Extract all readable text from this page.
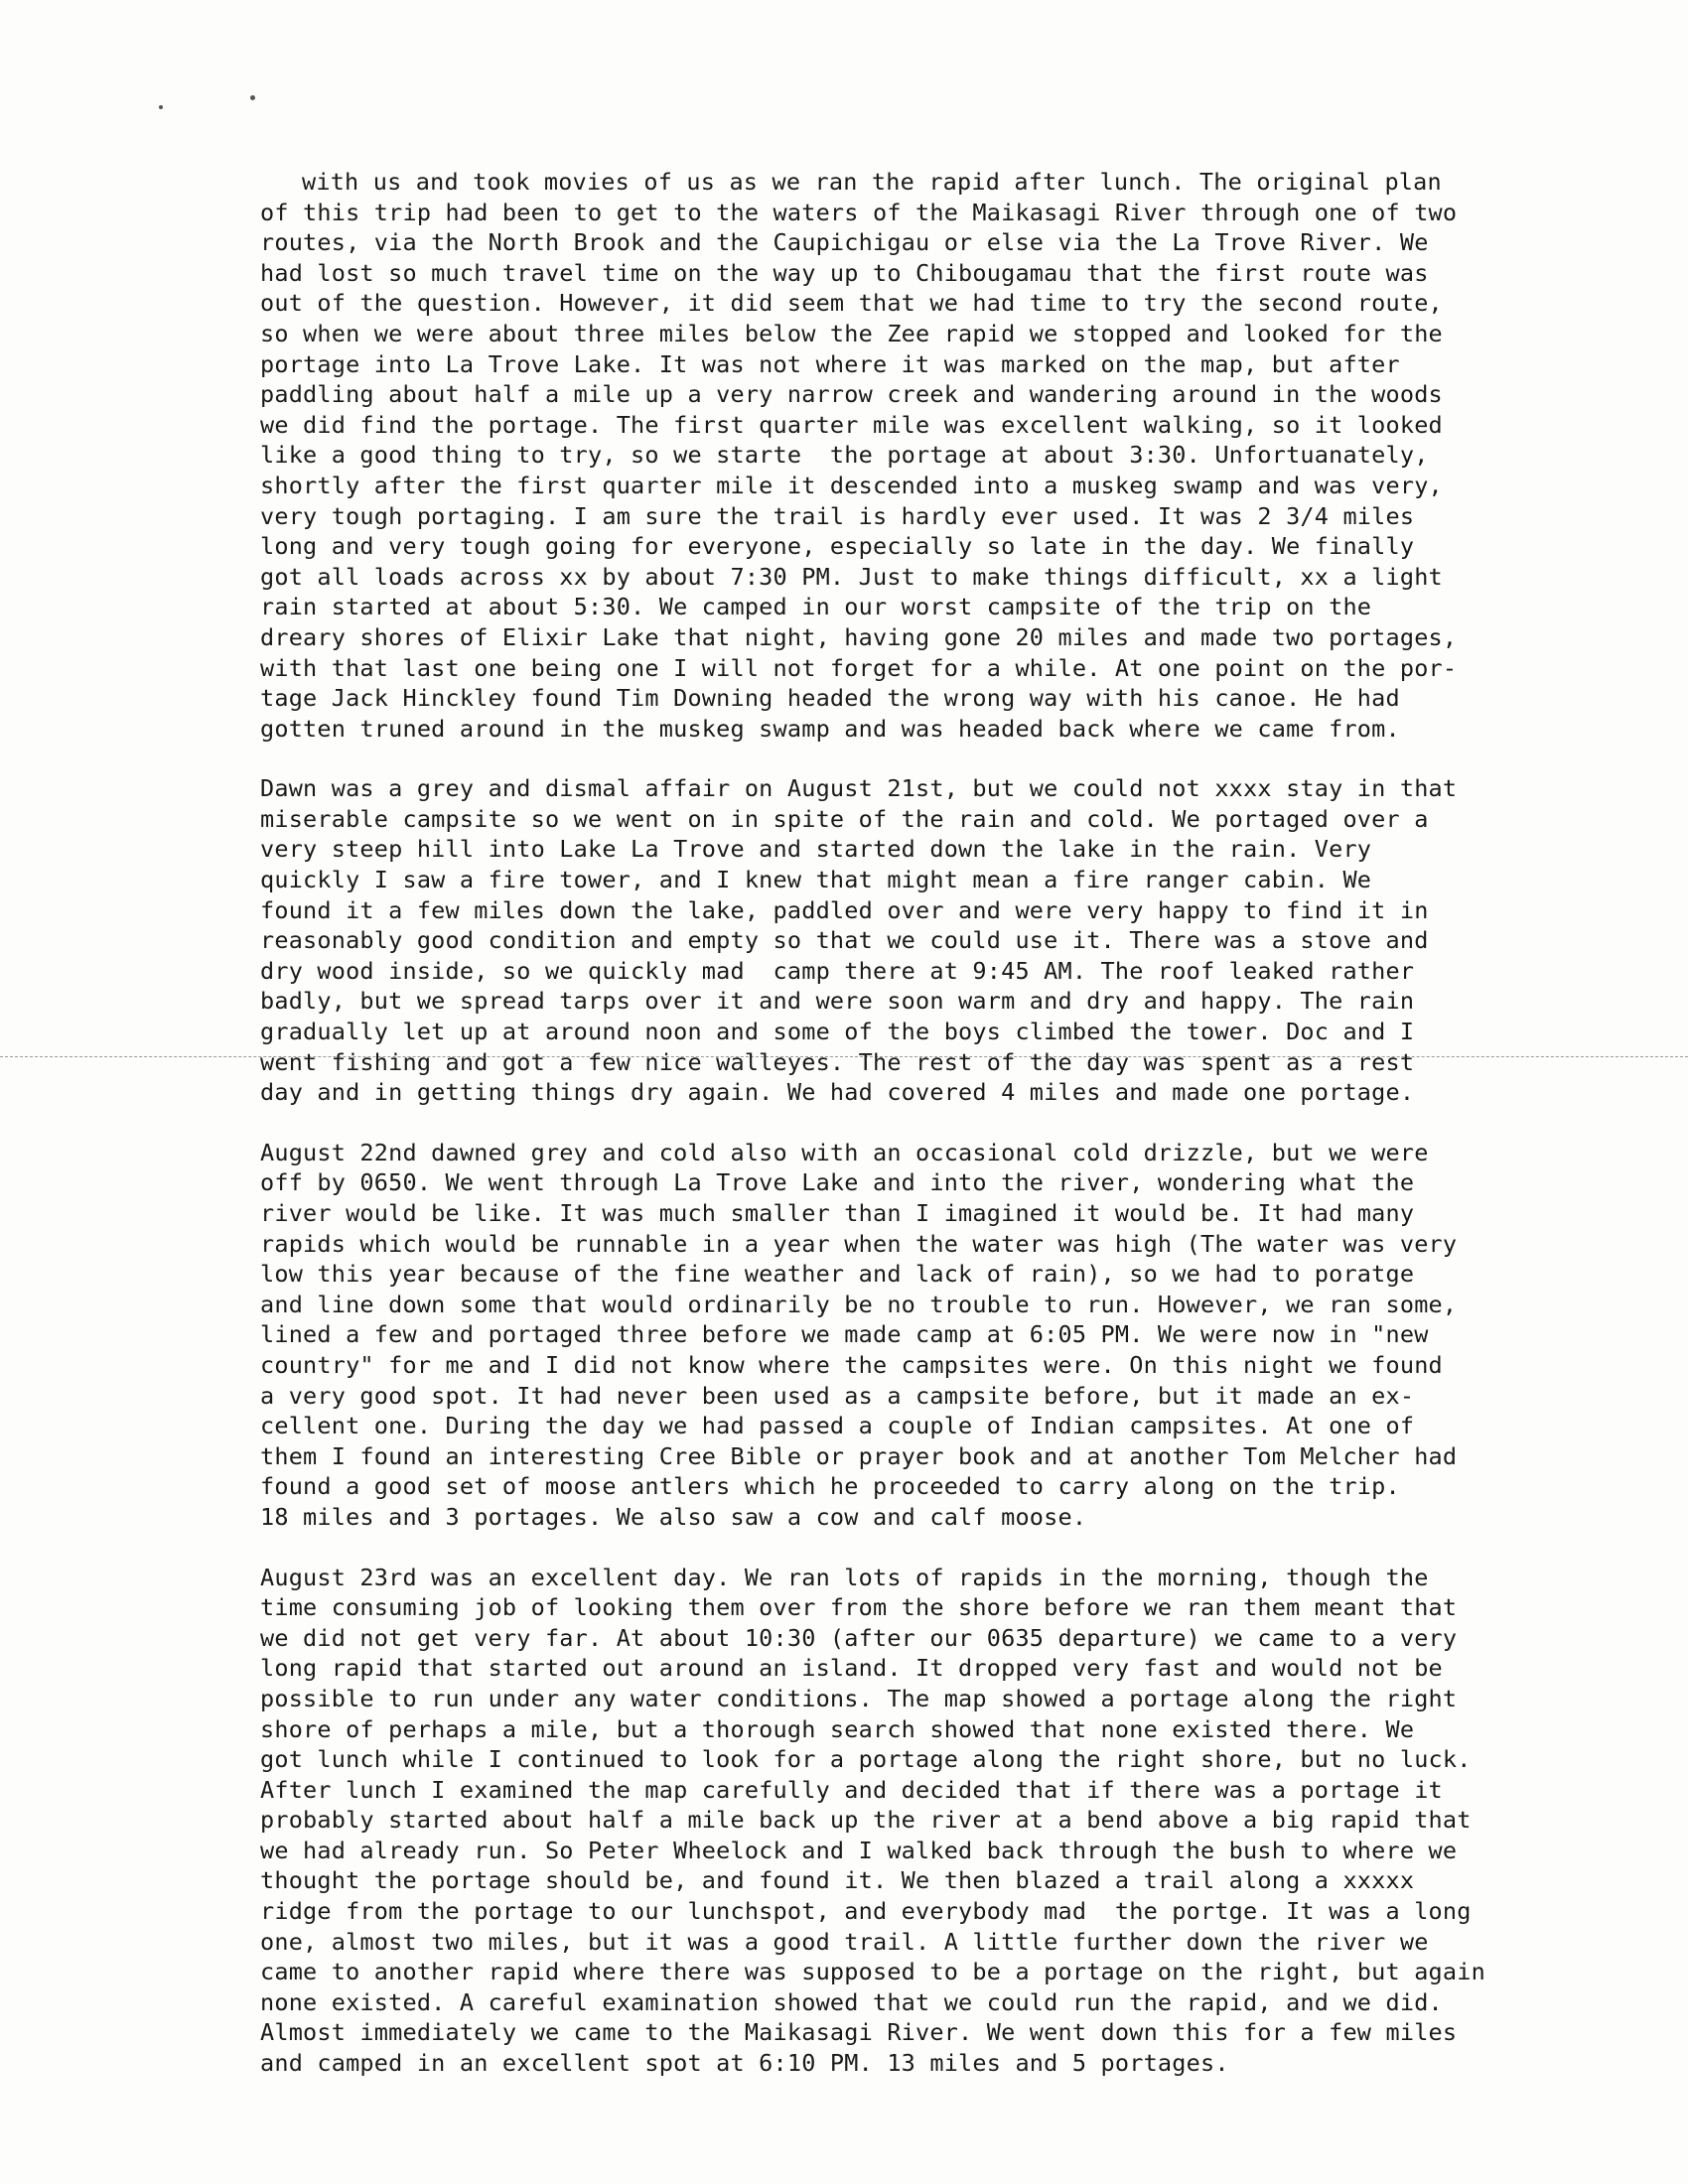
with us and took movies of us as we ran the rapid after lunch. The original plan
of this trip had been to get to the waters of the Maikasagi River through one of two
routes, via the North Brook and the Caupichigau or else via the La Trove River. We
had lost so much travel time on the way up to Chibougamau that the first route was
out of the question. However, it did seem that we had time to try the second route,
so when we were about three miles below the Zee rapid we stopped and looked for the
portage into La Trove Lake. It was not where it was marked on the map, but after
paddling about half a mile up a very narrow creek and wandering around in the woods
we did find the portage. The first quarter mile was excellent walking, so it looked
like a good thing to try, so we starte  the portage at about 3:30. Unfortuanately,
shortly after the first quarter mile it descended into a muskeg swamp and was very,
very tough portaging. I am sure the trail is hardly ever used. It was 2 3/4 miles
long and very tough going for everyone, especially so late in the day. We finally
got all loads across xx by about 7:30 PM. Just to make things difficult, xx a light
rain started at about 5:30. We camped in our worst campsite of the trip on the
dreary shores of Elixir Lake that night, having gone 20 miles and made two portages,
with that last one being one I will not forget for a while. At one point on the por-
tage Jack Hinckley found Tim Downing headed the wrong way with his canoe. He had
gotten truned around in the muskeg swamp and was headed back where we came from.
Dawn was a grey and dismal affair on August 21st, but we could not xxxx stay in that
miserable campsite so we went on in spite of the rain and cold. We portaged over a
very steep hill into Lake La Trove and started down the lake in the rain. Very
quickly I saw a fire tower, and I knew that might mean a fire ranger cabin. We
found it a few miles down the lake, paddled over and were very happy to find it in
reasonably good condition and empty so that we could use it. There was a stove and
dry wood inside, so we quickly mad  camp there at 9:45 AM. The roof leaked rather
badly, but we spread tarps over it and were soon warm and dry and happy. The rain
gradually let up at around noon and some of the boys climbed the tower. Doc and I
went fishing and got a few nice walleyes. The rest of the day was spent as a rest
day and in getting things dry again. We had covered 4 miles and made one portage.
August 22nd dawned grey and cold also with an occasional cold drizzle, but we were
off by 0650. We went through La Trove Lake and into the river, wondering what the
river would be like. It was much smaller than I imagined it would be. It had many
rapids which would be runnable in a year when the water was high (The water was very
low this year because of the fine weather and lack of rain), so we had to poratge
and line down some that would ordinarily be no trouble to run. However, we ran some,
lined a few and portaged three before we made camp at 6:05 PM. We were now in "new
country" for me and I did not know where the campsites were. On this night we found
a very good spot. It had never been used as a campsite before, but it made an ex-
cellent one. During the day we had passed a couple of Indian campsites. At one of
them I found an interesting Cree Bible or prayer book and at another Tom Melcher had
found a good set of moose antlers which he proceeded to carry along on the trip.
18 miles and 3 portages. We also saw a cow and calf moose.
August 23rd was an excellent day. We ran lots of rapids in the morning, though the
time consuming job of looking them over from the shore before we ran them meant that
we did not get very far. At about 10:30 (after our 0635 departure) we came to a very
long rapid that started out around an island. It dropped very fast and would not be
possible to run under any water conditions. The map showed a portage along the right
shore of perhaps a mile, but a thorough search showed that none existed there. We
got lunch while I continued to look for a portage along the right shore, but no luck.
After lunch I examined the map carefully and decided that if there was a portage it
probably started about half a mile back up the river at a bend above a big rapid that
we had already run. So Peter Wheelock and I walked back through the bush to where we
thought the portage should be, and found it. We then blazed a trail along a xxxxx
ridge from the portage to our lunchspot, and everybody mad  the portge. It was a long
one, almost two miles, but it was a good trail. A little further down the river we
came to another rapid where there was supposed to be a portage on the right, but again
none existed. A careful examination showed that we could run the rapid, and we did.
Almost immediately we came to the Maikasagi River. We went down this for a few miles
and camped in an excellent spot at 6:10 PM. 13 miles and 5 portages.
